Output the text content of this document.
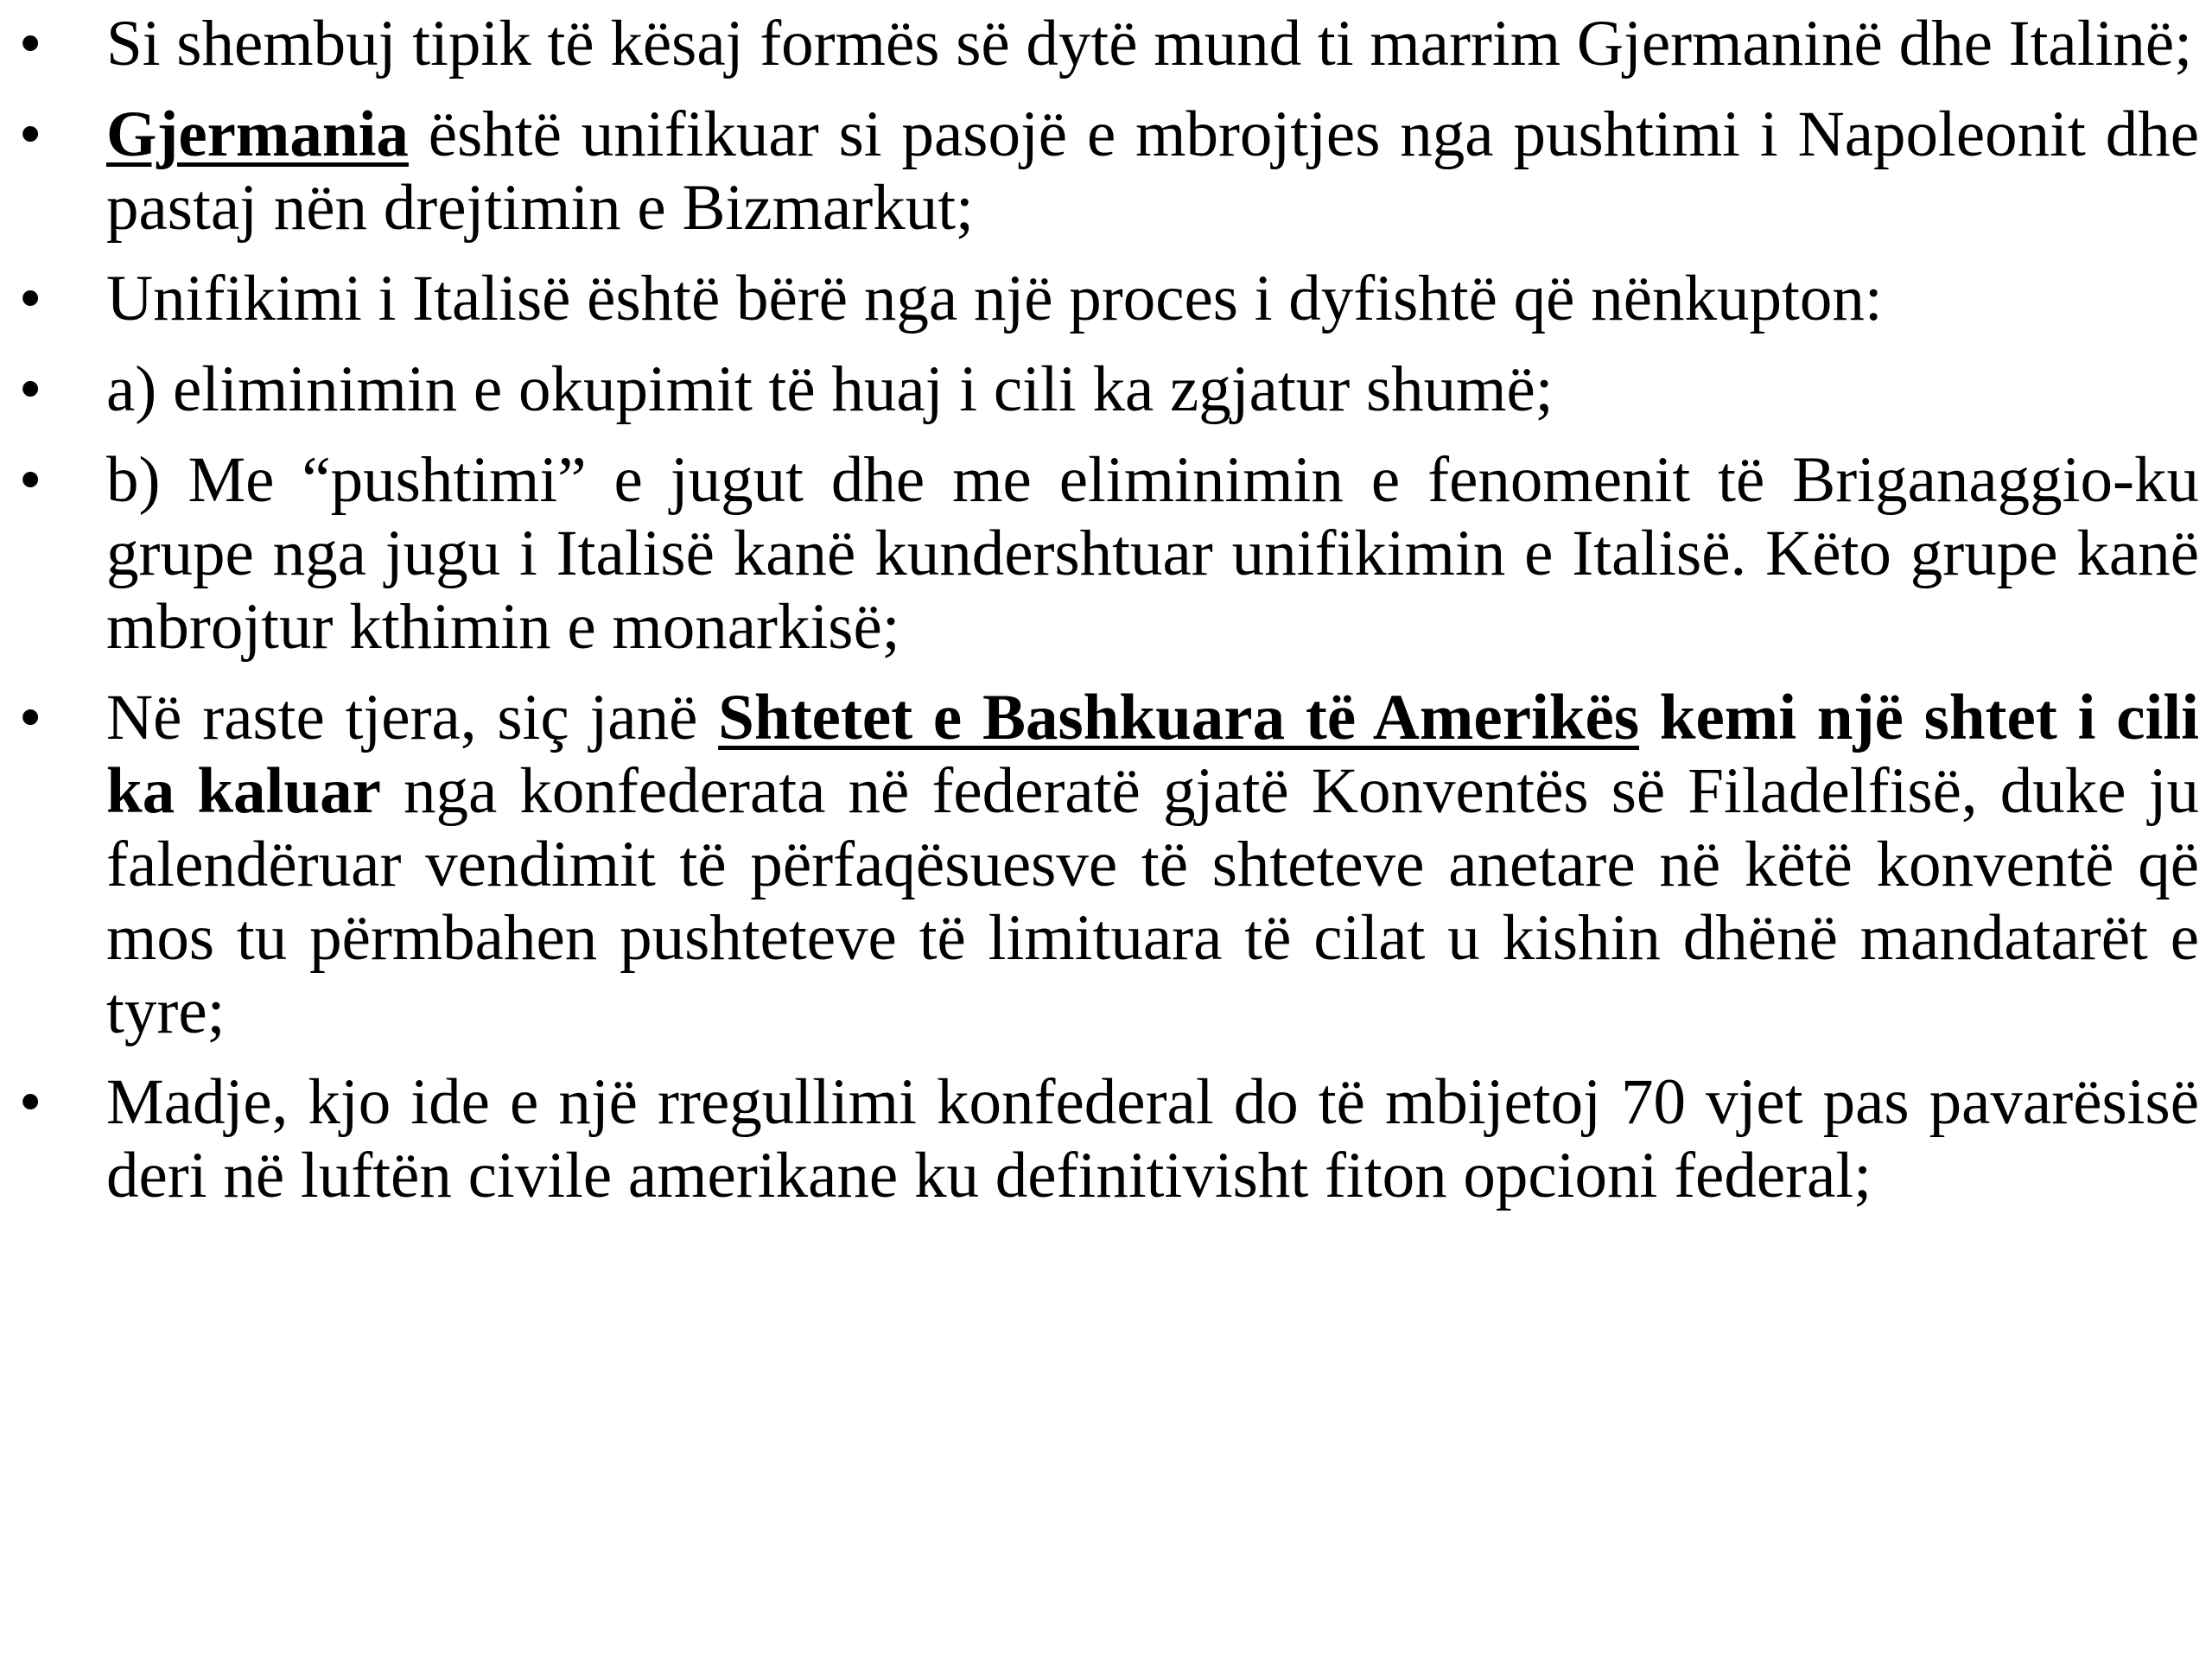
• Si shembuj tipik të kësaj formës së dytë mund ti marrim Gjermaninë dhe Italinë;
• Gjermania është unifikuar si pasojë e mbrojtjes nga pushtimi i Napoleonit dhe pastaj nën drejtimin e Bizmarkut;
• Unifikimi i Italisë është bërë nga një proces i dyfishtë që nënkupton:
• a) eliminimin e okupimit të huaj i cili ka zgjatur shumë;
• b) Me “pushtimi” e jugut dhe me eliminimin e fenomenit të Briganaggio-ku grupe nga jugu i Italisë kanë kundershtuar unifikimin e Italisë. Këto grupe kanë mbrojtur kthimin e monarkisë;
• Në raste tjera, siç janë Shtetet e Bashkuara të Amerikës kemi një shtet i cili ka kaluar nga konfederata në federatë gjatë Konventës së Filadelfisë, duke ju falendëruar vendimit të përfaqësuesve të shteteve anetare në këtë konventë që mos tu përmbahen pushteteve të limituara të cilat u kishin dhënë mandatarët e tyre;
• Madje, kjo ide e një rregullimi konfederal do të mbijetoj 70 vjet pas pavarësisë deri në luftën civile amerikane ku definitivisht fiton opcioni federal;
